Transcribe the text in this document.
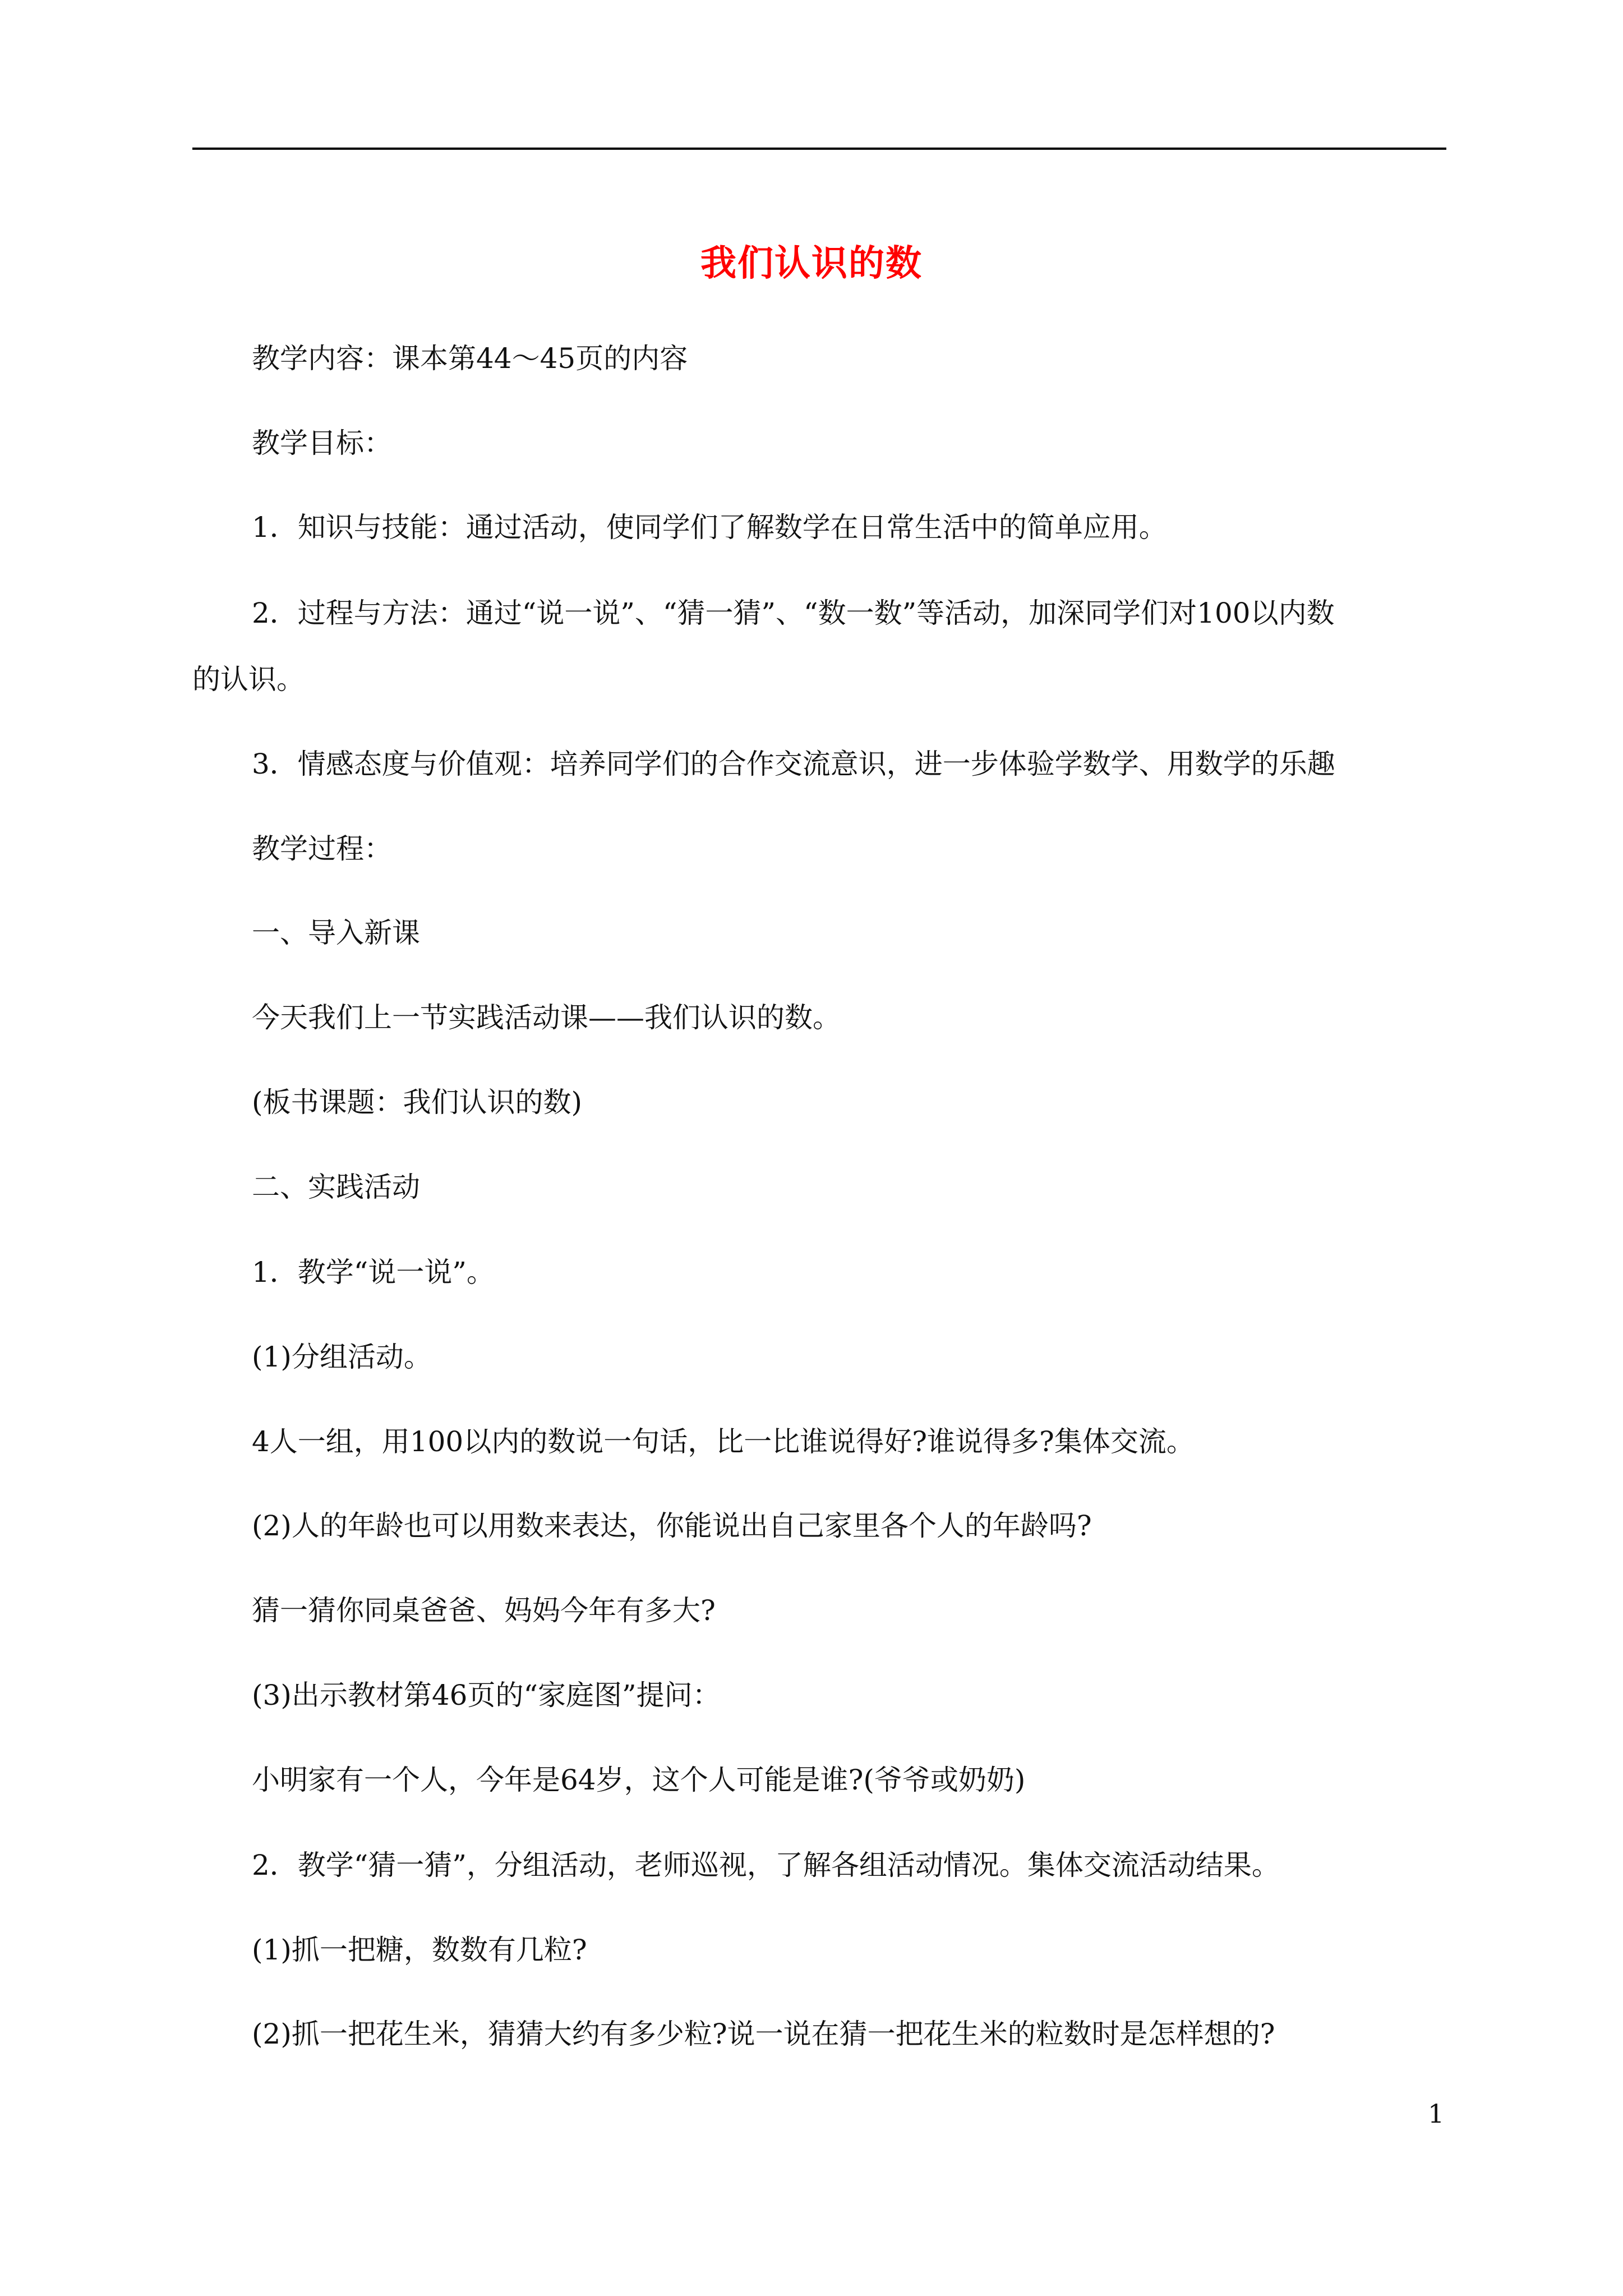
我们认识的数
教学内容：课本第44～45页的内容
教学目标：
1．知识与技能：通过活动，使同学们了解数学在日常生活中的简单应用。
2．过程与方法：通过“说一说”、“猜一猜”、“数一数”等活动，加深同学们对100以内数
的认识。
3．情感态度与价值观：培养同学们的合作交流意识，进一步体验学数学、用数学的乐趣
教学过程：
一、导入新课
今天我们上一节实践活动课——我们认识的数。
(板书课题：我们认识的数)
二、实践活动
1．教学“说一说”。
(1)分组活动。
4人一组，用100以内的数说一句话，比一比谁说得好?谁说得多?集体交流。
(2)人的年龄也可以用数来表达，你能说出自己家里各个人的年龄吗?
猜一猜你同桌爸爸、妈妈今年有多大?
(3)出示教材第46页的“家庭图”提问：
小明家有一个人，今年是64岁，这个人可能是谁?(爷爷或奶奶)
2．教学“猜一猜”，分组活动，老师巡视，了解各组活动情况。集体交流活动结果。
(1)抓一把糖，数数有几粒?
(2)抓一把花生米，猜猜大约有多少粒?说一说在猜一把花生米的粒数时是怎样想的?
1
